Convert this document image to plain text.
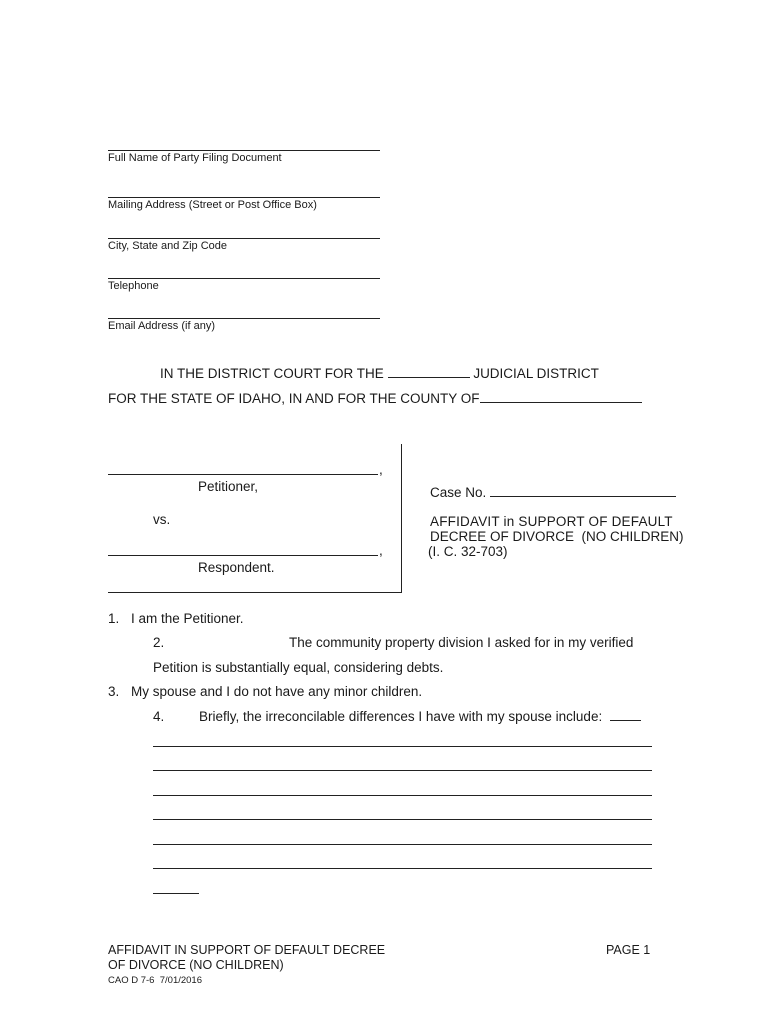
Full Name of Party Filing Document
Mailing Address (Street or Post Office Box)
City, State and Zip Code
Telephone
Email Address (if any)
IN THE DISTRICT COURT FOR THE	JUDICIAL DISTRICT
FOR THE STATE OF IDAHO, IN AND FOR THE COUNTY OF
,
Petitioner,
vs.
,
Respondent.
Case No.
AFFIDAVIT in SUPPORT OF DEFAULT
DECREE OF DIVORCE  (NO CHILDREN)
(I. C. 32-703)
1. I am the Petitioner.
2.	The community property division I asked for in my verified
Petition is substantially equal, considering debts.
3. My spouse and I do not have any minor children.
4.	Briefly, the irreconcilable differences I have with my spouse include:
AFFIDAVIT IN SUPPORT OF DEFAULT DECREE
OF DIVORCE (NO CHILDREN)
CAO D 7-6  7/01/2016
PAGE 1
